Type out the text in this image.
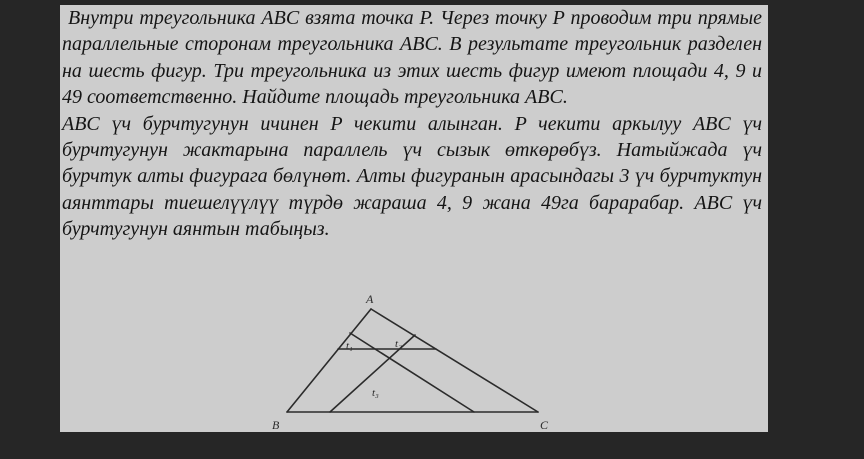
Внутри треугольника ABC взята точка P. Через точку P проводим три прямые параллельные сторонам треугольника ABC. В результате треугольник разделен на шесть фигур. Три треугольника из этих шесть фигур имеют площади 4, 9 и 49 соответственно. Найдите площадь треугольника ABC.

ABC үч бурчтугунун ичинен P чекити алынган. P чекити аркылуу ABC үч бурчтугунун жактарына параллель үч сызык өткөрөбүз. Натыйжада үч бурчтук алты фигурага бөлүнөт. Алты фигуранын арасындагы 3 үч бурчтуктун аянттары тиешелүүлүү түрдө жараша 4, 9 жана 49га барарабар. ABC үч бурчтугунун аянтын табыңыз.

A
B	C
t₁	t₂
t₃
